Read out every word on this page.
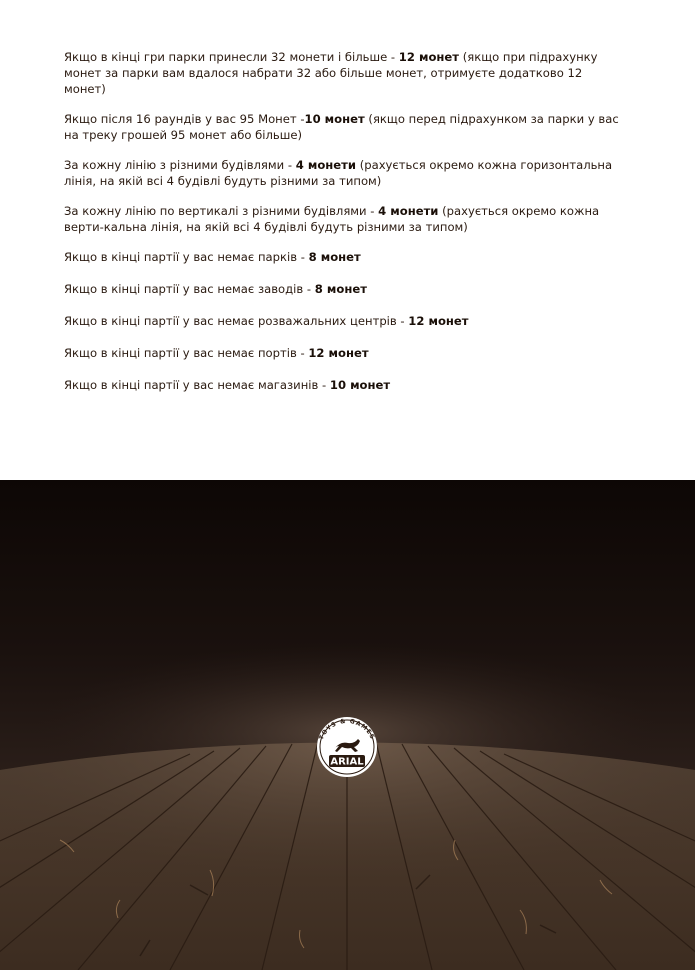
Якщо в кінці гри парки принесли 32 монети і більше - 12 монет (якщо при підрахунку монет за парки вам вдалося набрати 32 або більше монет, отримуєте додатково 12 монет)

Якщо після 16 раундів у вас 95 Монет -10 монет (якщо перед підрахунком за парки у вас на треку грошей 95 монет або більше)

За кожну лінію з різними будівлями - 4 монети (рахується окремо кожна горизонтальна лінія, на якій всі 4 будівлі будуть різними за типом)

За кожну лінію по вертикалі з різними будівлями - 4 монети (рахується окремо кожна верти-кальна лінія, на якій всі 4 будівлі будуть різними за типом)

Якщо в кінці партії у вас немає парків - 8 монет

Якщо в кінці партії у вас немає заводів - 8 монет

Якщо в кінці партії у вас немає розважальних центрів - 12 монет

Якщо в кінці партії у вас немає портів - 12 монет

Якщо в кінці партії у вас немає магазинів - 10 монет

TOYS & GAMES
ARIAL
